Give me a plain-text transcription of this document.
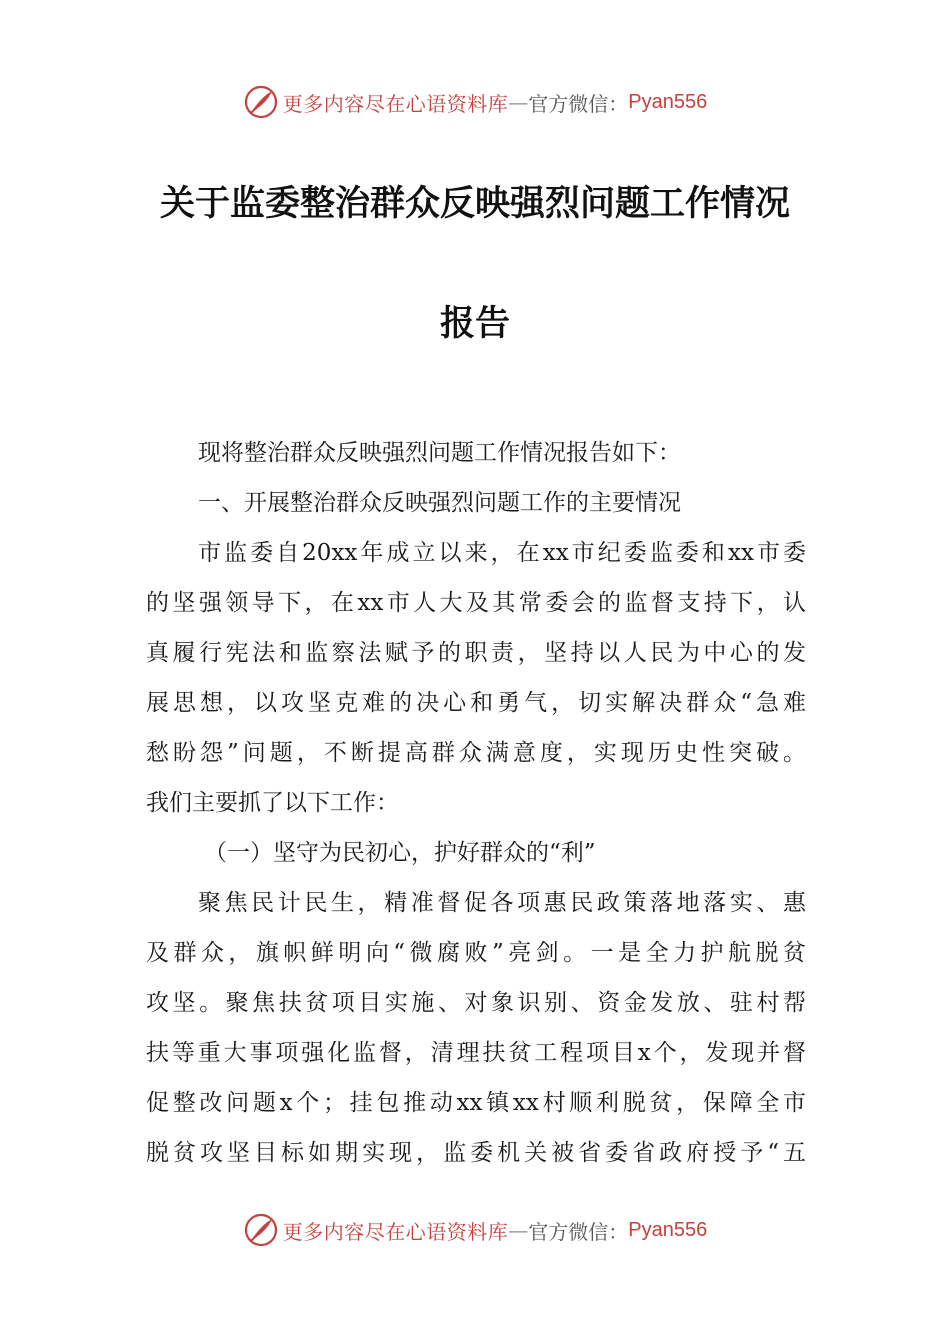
更多内容尽在心语资料库 — 官方微信： Pyan556
关于监委整治群众反映强烈问题工作情况
报告
现将整治群众反映强烈问题工作情况报告如下：
一、开展整治群众反映强烈问题工作的主要情况
市监委自20xx年成立以来，在xx市纪委监委和xx市委
的坚强领导下，在xx市人大及其常委会的监督支持下，认
真履行宪法和监察法赋予的职责，坚持以人民为中心的发
展思想，以攻坚克难的决心和勇气，切实解决群众“急难
愁盼怨”问题，不断提高群众满意度，实现历史性突破。
我们主要抓了以下工作：
（一）坚守为民初心，护好群众的“利”
聚焦民计民生，精准督促各项惠民政策落地落实、惠
及群众，旗帜鲜明向“微腐败”亮剑。一是全力护航脱贫
攻坚。聚焦扶贫项目实施、对象识别、资金发放、驻村帮
扶等重大事项强化监督，清理扶贫工程项目x个，发现并督
促整改问题x个；挂包推动xx镇xx村顺利脱贫，保障全市
脱贫攻坚目标如期实现，监委机关被省委省政府授予“五
更多内容尽在心语资料库 — 官方微信： Pyan556
